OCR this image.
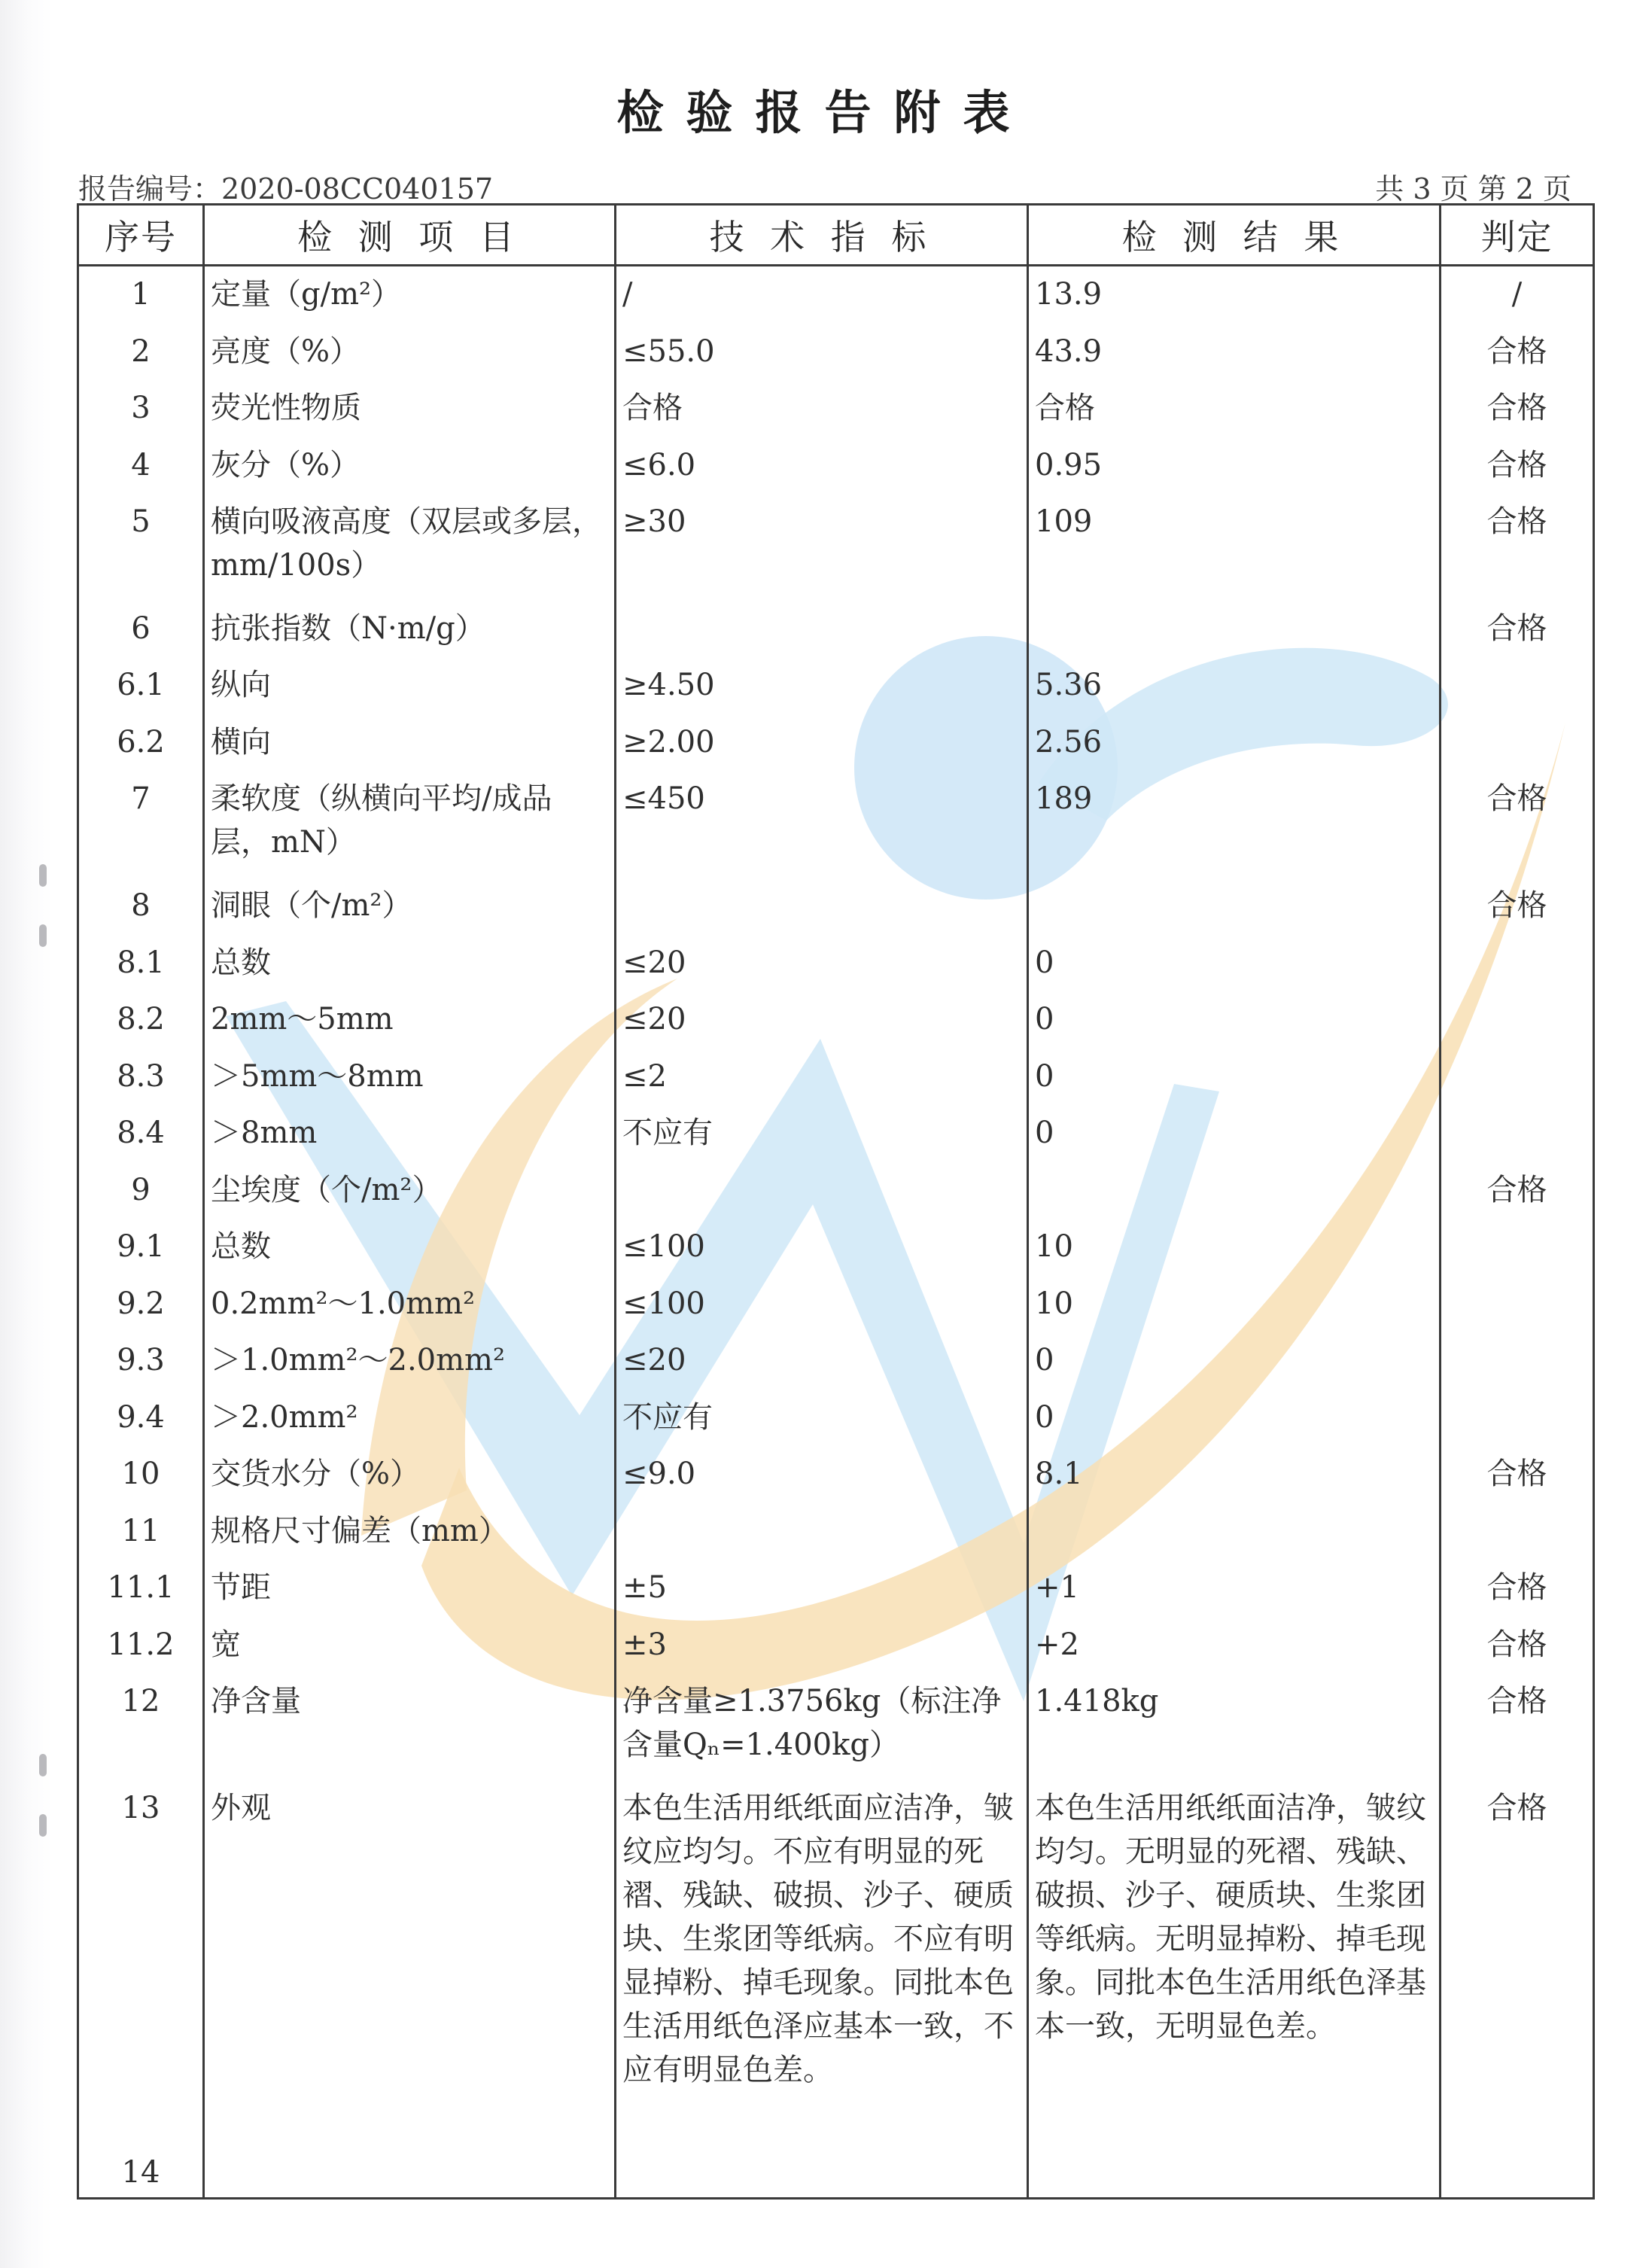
检验报告附表
报告编号：2020-08CC040157	共 3 页 第 2 页
序号	检 测 项 目	技 术 指 标	检 测 结 果	判定
1	定量（g/m²）	/	13.9	/
2	亮度（%）	≤55.0	43.9	合格
3	荧光性物质	合格	合格	合格
4	灰分（%）	≤6.0	0.95	合格
5	横向吸液高度（双层或多层，mm/100s）	≥30	109	合格
6	抗张指数（N·m/g）			合格
6.1	纵向	≥4.50	5.36	
6.2	横向	≥2.00	2.56	
7	柔软度（纵横向平均/成品层，mN）	≤450	189	合格
8	洞眼（个/m²）			合格
8.1	总数	≤20	0	
8.2	2mm～5mm	≤20	0	
8.3	＞5mm～8mm	≤2	0	
8.4	＞8mm	不应有	0	
9	尘埃度（个/m²）			合格
9.1	总数	≤100	10	
9.2	0.2mm²～1.0mm²	≤100	10	
9.3	＞1.0mm²～2.0mm²	≤20	0	
9.4	＞2.0mm²	不应有	0	
10	交货水分（%）	≤9.0	8.1	合格
11	规格尺寸偏差（mm）			
11.1	节距	±5	+1	合格
11.2	宽	±3	+2	合格
12	净含量	净含量≥1.3756kg（标注净含量Qₙ=1.400kg）	1.418kg	合格
13	外观	本色生活用纸纸面应洁净，皱纹应均匀。不应有明显的死褶、残缺、破损、沙子、硬质块、生浆团等纸病。不应有明显掉粉、掉毛现象。同批本色生活用纸色泽应基本一致，不应有明显色差。	本色生活用纸纸面洁净，皱纹均匀。无明显的死褶、残缺、破损、沙子、硬质块、生浆团等纸病。无明显掉粉、掉毛现象。同批本色生活用纸色泽基本一致，无明显色差。	合格
14				
